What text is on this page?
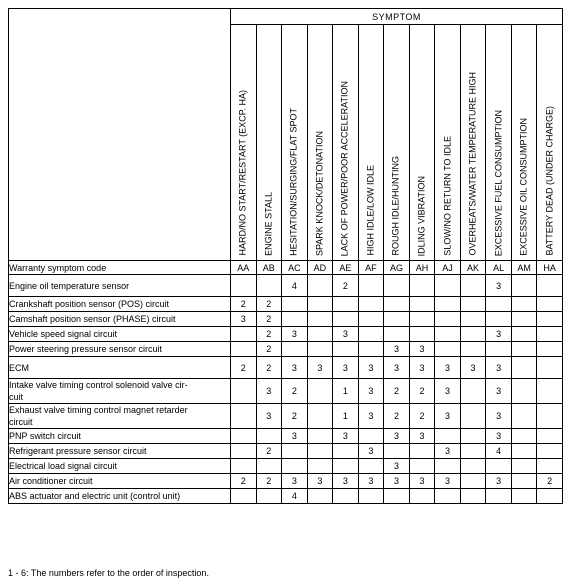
	SYMPTOM												

	HARD/NO START/RESTART (EXCP. HA)	ENGINE STALL	HESITATION/SURGING/FLAT SPOT	SPARK KNOCK/DETONATION	LACK OF POWER/POOR ACCELERATION	HIGH IDLE/LOW IDLE	ROUGH IDLE/HUNTING	IDLING VIBRATION	SLOW/NO RETURN TO IDLE	OVERHEATS/WATER TEMPERATURE HIGH	EXCESSIVE FUEL CONSUMPTION	EXCESSIVE OIL CONSUMPTION	BATTERY DEAD (UNDER CHARGE)

Warranty symptom code	AA	AB	AC	AD	AE	AF	AG	AH	AJ	AK	AL	AM	HA
Engine oil temperature sensor			4		2						3		
Crankshaft position sensor (POS) circuit	2	2											
Camshaft position sensor (PHASE) circuit	3	2											
Vehicle speed signal circuit		2	3		3						3		
Power steering pressure sensor circuit		2					3	3					
ECM	2	2	3	3	3	3	3	3	3	3	3		
Intake valve timing control solenoid valve cir-
cuit		3	2		1	3	2	2	3		3		
Exhaust valve timing control magnet retarder
circuit		3	2		1	3	2	2	3		3		
PNP switch circuit			3		3		3	3			3		
Refrigerant pressure sensor circuit		2				3			3		4		
Electrical load signal circuit							3						
Air conditioner circuit	2	2	3	3	3	3	3	3	3		3		2
ABS actuator and electric unit (control unit)			4										
1 - 6: The numbers refer to the order of inspection.
